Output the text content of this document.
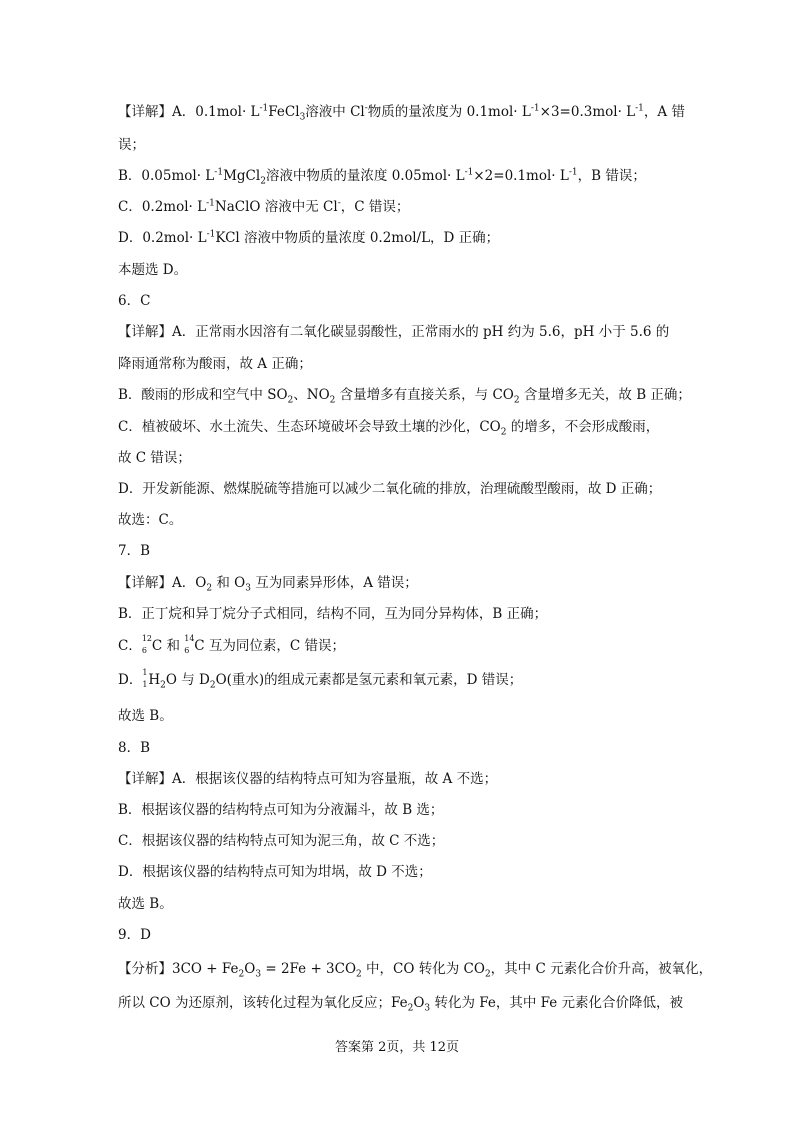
【详解】A．$0.1mol\cdot L^{-1}FeCl_3$溶液中 Cl-物质的量浓度为 $0.1mol\cdot L^{-1}\times 3=0.3mol\cdot L^{-1}$，A 错
误；
B．$0.05mol\cdot L^{-1}MgCl_2$溶液中物质的量浓度 $0.05mol\cdot L^{-1}\times 2=0.1mol\cdot L^{-1}$，B 错误；
C．$0.2mol\cdot L^{-1}NaClO$ 溶液中无 Cl-，C 错误；
D．$0.2mol\cdot L^{-1}KCl$ 溶液中物质的量浓度 0.2mol/L，D 正确；
本题选 D。
6．C
【详解】A．正常雨水因溶有二氧化碳显弱酸性，正常雨水的 pH 约为 5.6，pH 小于 5.6 的
降雨通常称为酸雨，故 A 正确；
B．酸雨的形成和空气中 $SO_2$、$NO_2$ 含量增多有直接关系，与 $CO_2$ 含量增多无关，故 B 正确；
C．植被破坏、水土流失、生态环境破坏会导致土壤的沙化，$CO_2$ 的增多，不会形成酸雨，
故 C 错误；
D．开发新能源、燃煤脱硫等措施可以减少二氧化硫的排放，治理硫酸型酸雨，故 D 正确；
故选：C。
7．B
【详解】A．$O_2$ 和 $O_3$ 互为同素异形体，A 错误；
B．正丁烷和异丁烷分子式相同，结构不同，互为同分异构体，B 正确；
C． 12
6 C 和 14
6 C 互为同位素，C 错误；
D． 1
1 $H_2O$ 与 $D_2O$(重水)的组成元素都是氢元素和氧元素，D 错误；
故选 B。
8．B
【详解】A．根据该仪器的结构特点可知为容量瓶，故 A 不选；
B．根据该仪器的结构特点可知为分液漏斗，故 B 选；
C．根据该仪器的结构特点可知为泥三角，故 C 不选；
D．根据该仪器的结构特点可知为坩埚，故 D 不选；
故选 B。
9．D
【分析】$3CO + Fe_2O_3 = 2Fe + 3CO_2$ 中，CO 转化为 $CO_2$，其中 C 元素化合价升高，被氧化，
所以 CO 为还原剂，该转化过程为氧化反应；$Fe_2O_3$ 转化为 Fe，其中 Fe 元素化合价降低，被
答案第 2页，共 12页
